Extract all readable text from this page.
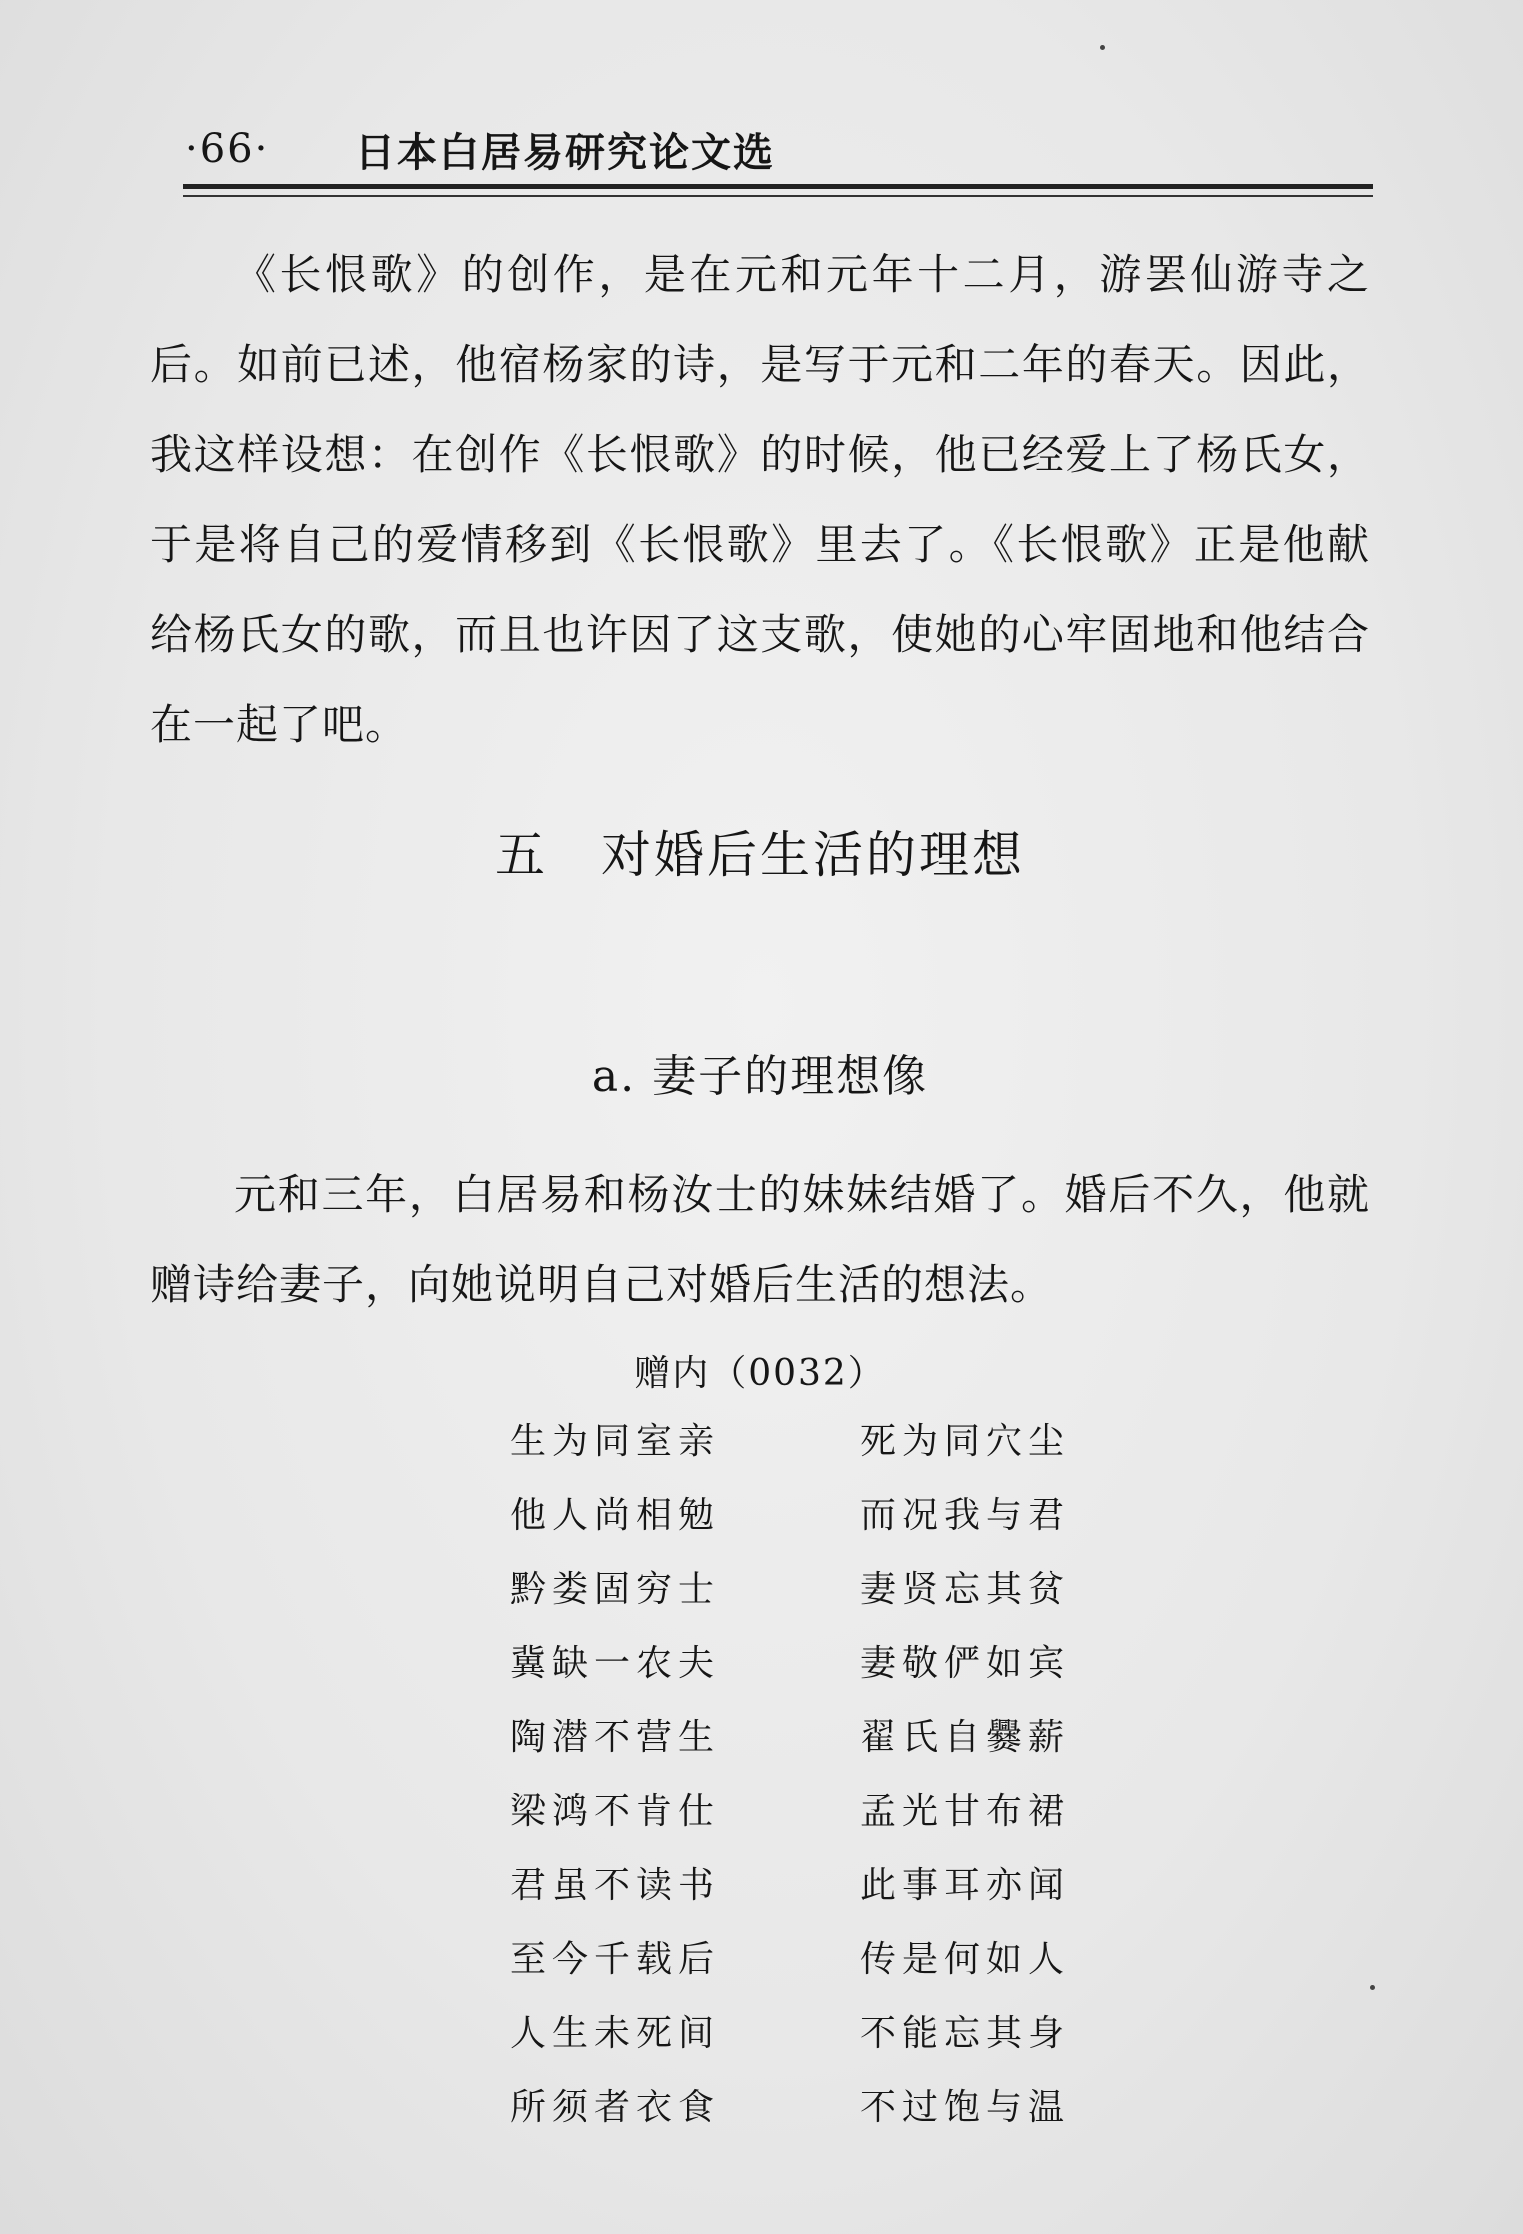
·66·	日本白居易研究论文选

《长恨歌》的创作，是在元和元年十二月，游罢仙游寺之后。如前已述，他宿杨家的诗，是写于元和二年的春天。因此，我这样设想：在创作《长恨歌》的时候，他已经爱上了杨氏女，于是将自己的爱情移到《长恨歌》里去了。《长恨歌》正是他献给杨氏女的歌，而且也许因了这支歌，使她的心牢固地和他结合在一起了吧。

五　对婚后生活的理想
a. 妻子的理想像

元和三年，白居易和杨汝士的妹妹结婚了。婚后不久，他就赠诗给妻子，向她说明自己对婚后生活的想法。

赠内（0032）
生为同室亲	死为同穴尘
他人尚相勉	而况我与君
黔娄固穷士	妻贤忘其贫
冀缺一农夫	妻敬俨如宾
陶潜不营生	翟氏自爨薪
梁鸿不肯仕	孟光甘布裙
君虽不读书	此事耳亦闻
至今千载后	传是何如人
人生未死间	不能忘其身
所须者衣食	不过饱与温
